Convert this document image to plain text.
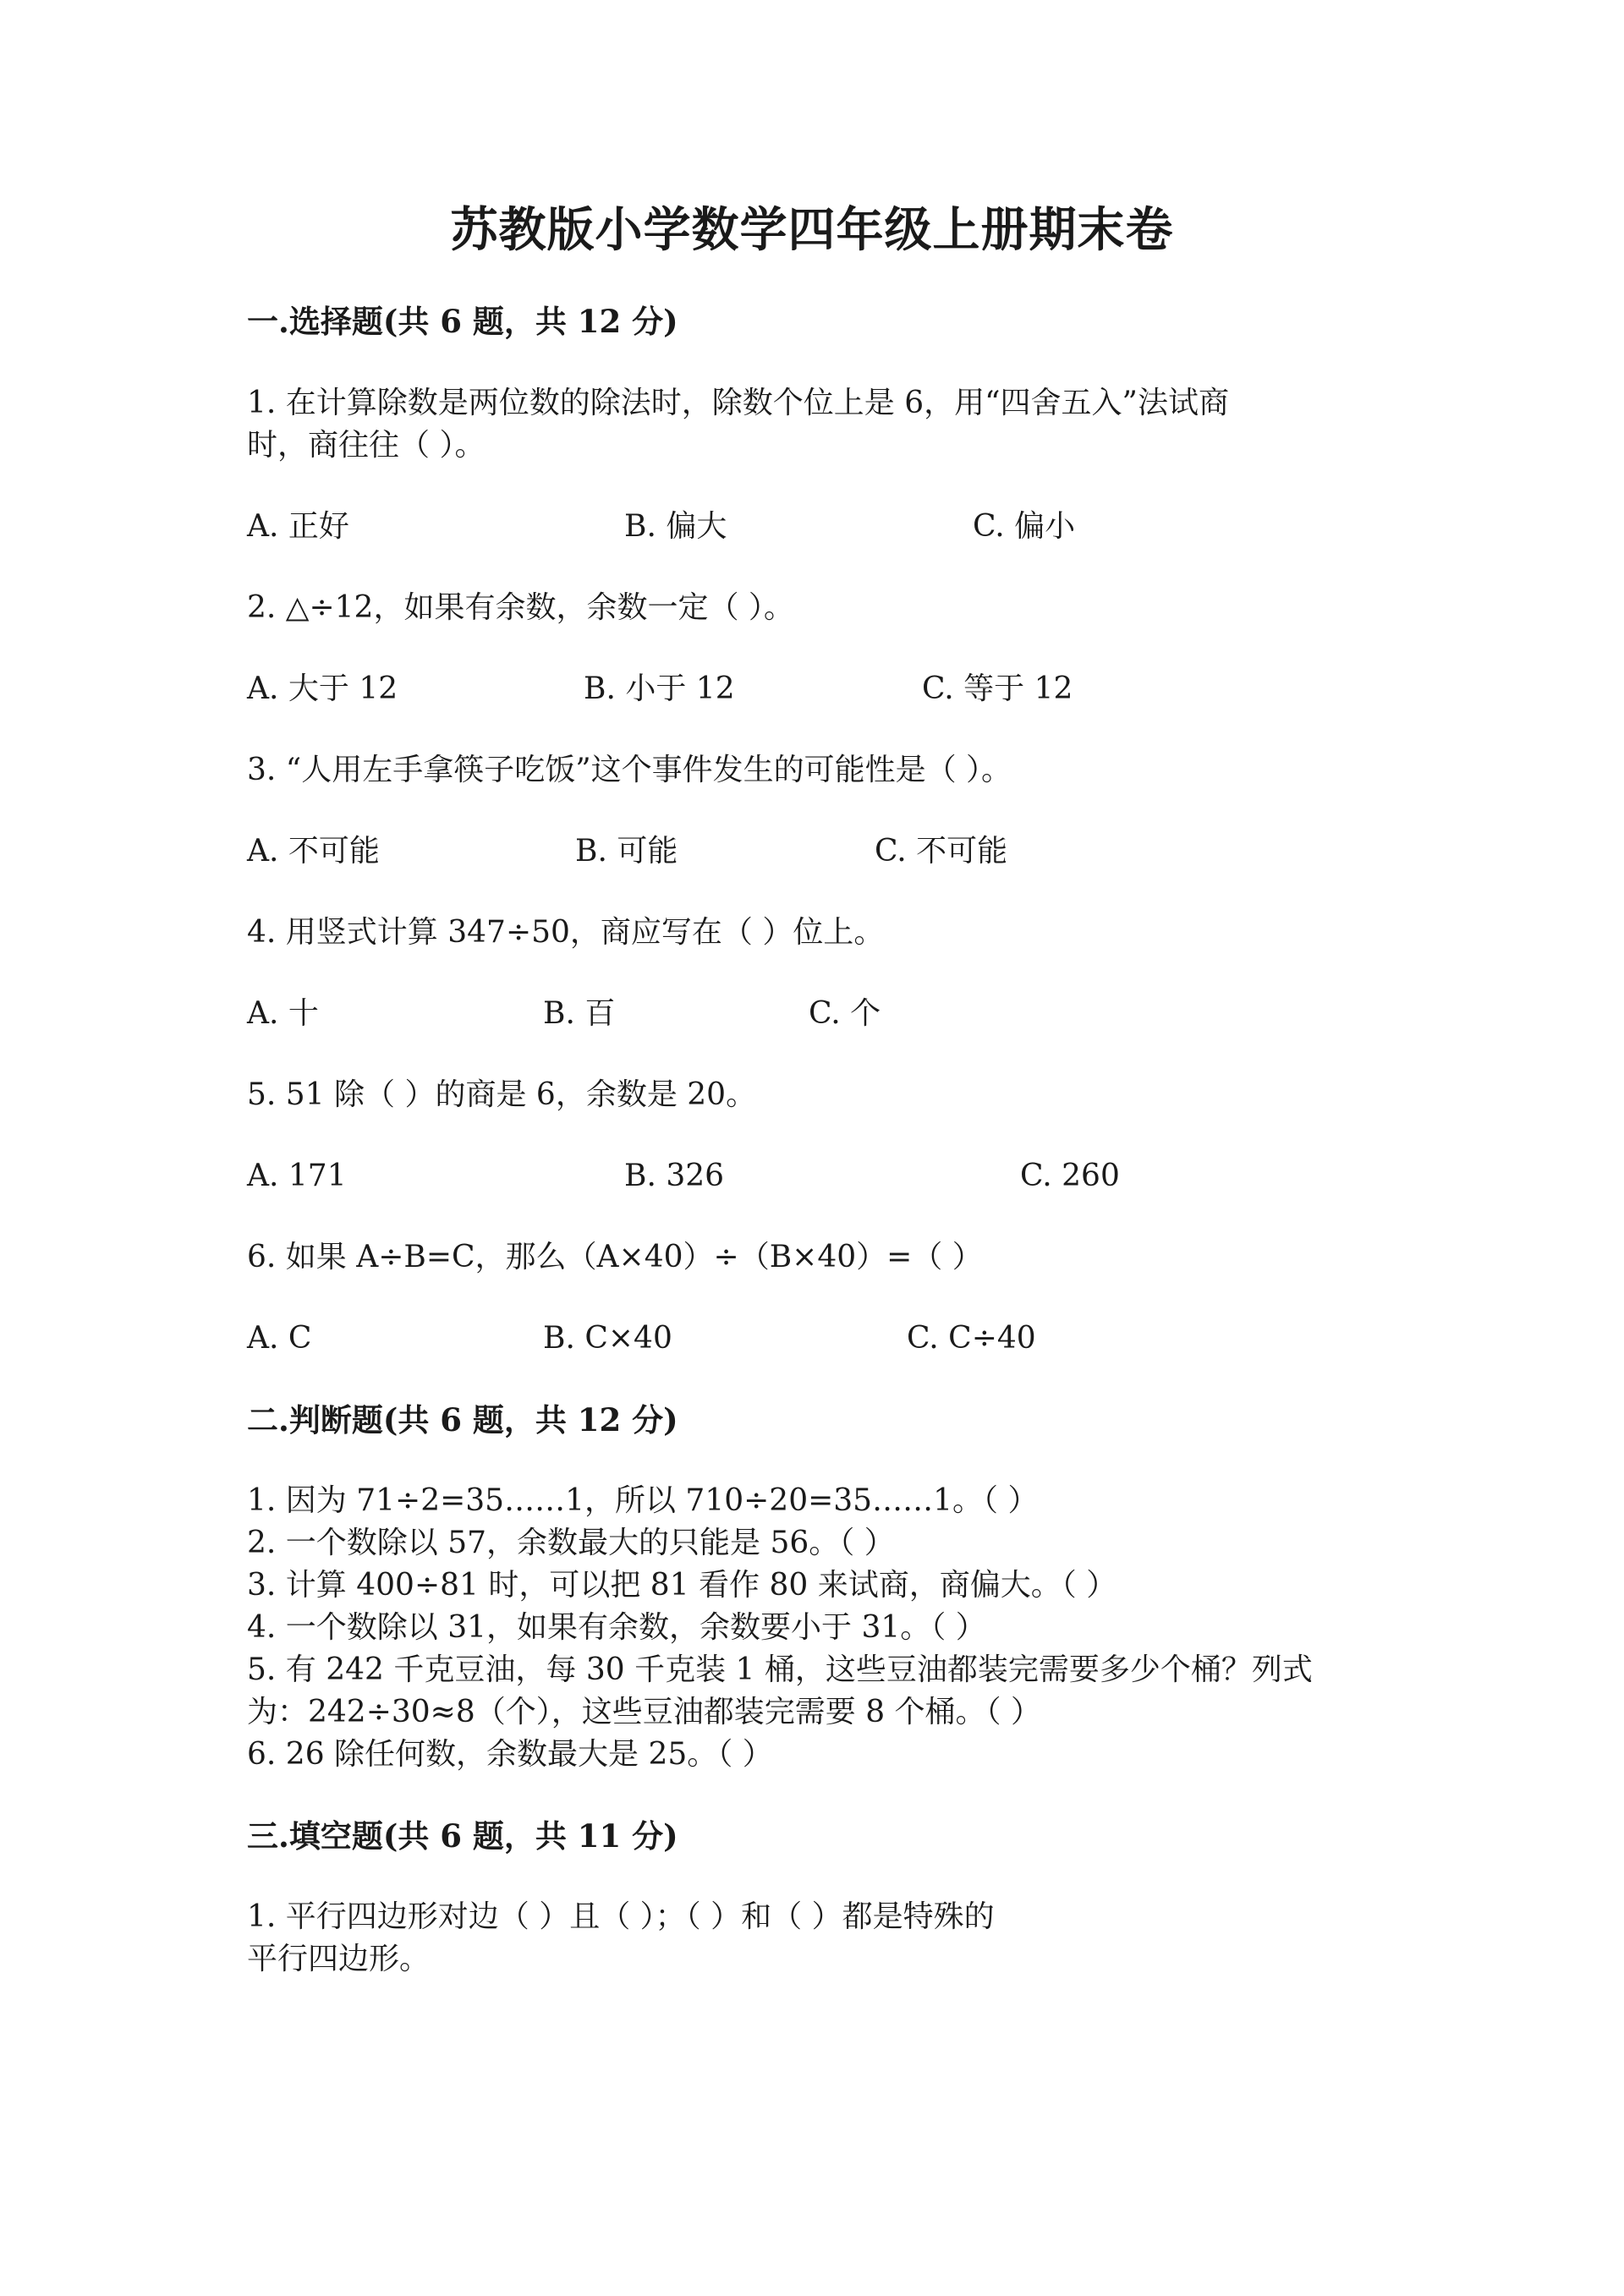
苏教版小学数学四年级上册期末卷
一.选择题(共 6 题，共 12 分)
1. 在计算除数是两位数的除法时，除数个位上是 6，用“四舍五入”法试商
时，商往往（ ）。
A. 正好	B. 偏大	C. 偏小
2. △÷12，如果有余数，余数一定（ ）。
A. 大于 12	B. 小于 12	C. 等于 12
3. “人用左手拿筷子吃饭”这个事件发生的可能性是（ ）。
A. 不可能	B. 可能	C. 不可能
4. 用竖式计算 347÷50，商应写在（ ）位上。
A. 十	B. 百	C. 个
5. 51 除（ ）的商是 6，余数是 20。
A. 171	B. 326	C. 260
6. 如果 A÷B=C，那么（A×40）÷（B×40）=（ ）
A. C	B. C×40	C. C÷40
二.判断题(共 6 题，共 12 分)
1. 因为 71÷2=35……1，所以 710÷20=35……1。（ ）
2. 一个数除以 57，余数最大的只能是 56。（ ）
3. 计算 400÷81 时，可以把 81 看作 80 来试商，商偏大。（ ）
4. 一个数除以 31，如果有余数，余数要小于 31。（ ）
5. 有 242 千克豆油，每 30 千克装 1 桶，这些豆油都装完需要多少个桶？列式
为：242÷30≈8（个），这些豆油都装完需要 8 个桶。（ ）
6. 26 除任何数，余数最大是 25。（ ）
三.填空题(共 6 题，共 11 分)
1. 平行四边形对边（ ）且（ ）；（ ）和（ ）都是特殊的
平行四边形。
